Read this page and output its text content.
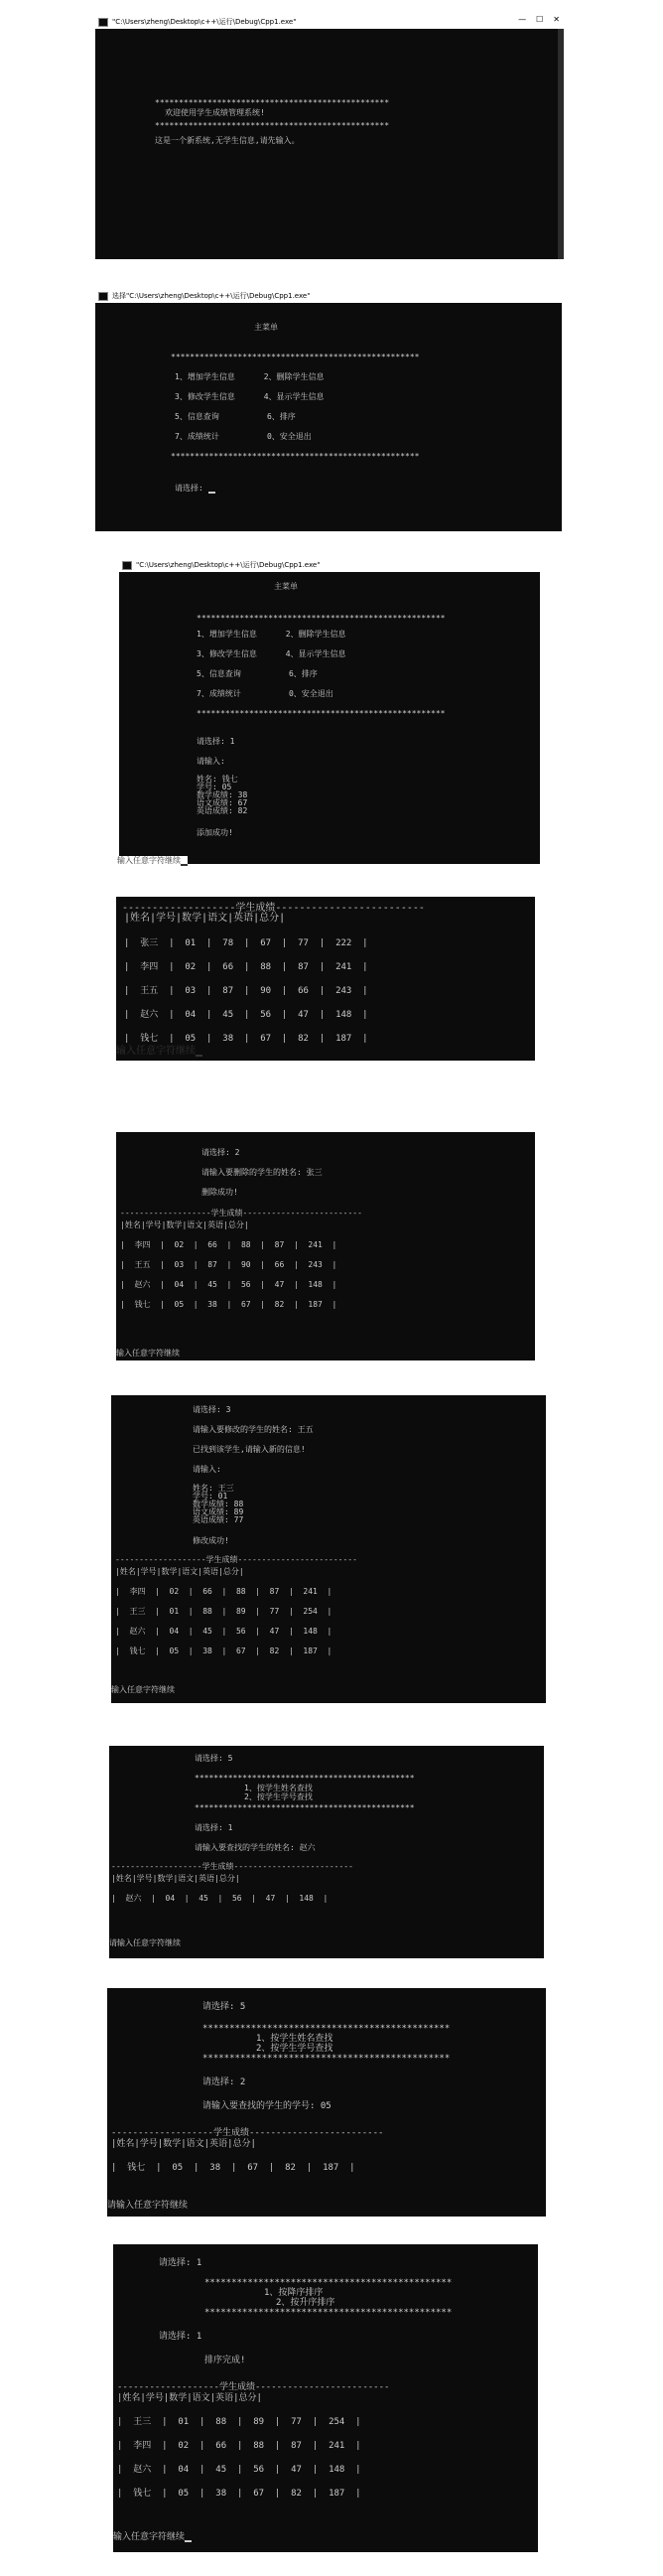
"C:\Users\zheng\Desktop\c++\运行\Debug\Cpp1.exe"	— ☐ ✕
*************************************************
欢迎使用学生成绩管理系统!
*************************************************
这是一个新系统,无学生信息,请先输入。
选择"C:\Users\zheng\Desktop\c++\运行\Debug\Cpp1.exe"
主菜单
****************************************************
1、增加学生信息      2、删除学生信息
3、修改学生信息      4、显示学生信息
5、信息查询          6、排序
7、成绩统计          0、安全退出
****************************************************
请选择:
"C:\Users\zheng\Desktop\c++\运行\Debug\Cpp1.exe"
主菜单
****************************************************
1、增加学生信息      2、删除学生信息
3、修改学生信息      4、显示学生信息
5、信息查询          6、排序
7、成绩统计          0、安全退出
****************************************************
请选择: 1
请输入:
姓名: 钱七
学号: 05
数学成绩: 38
语文成绩: 67
英语成绩: 82
添加成功!
输入任意字符继续
-------------------学生成绩-------------------------
|姓名|学号|数学|语文|英语|总分|
|  张三  |  01  |  78  |  67  |  77  |  222  |
|  李四  |  02  |  66  |  88  |  87  |  241  |
|  王五  |  03  |  87  |  90  |  66  |  243  |
|  赵六  |  04  |  45  |  56  |  47  |  148  |
|  钱七  |  05  |  38  |  67  |  82  |  187  |
输入任意字符继续
请选择: 2
请输入要删除的学生的姓名: 张三
删除成功!
-------------------学生成绩-------------------------
|姓名|学号|数学|语文|英语|总分|
|  李四  |  02  |  66  |  88  |  87  |  241  |
|  王五  |  03  |  87  |  90  |  66  |  243  |
|  赵六  |  04  |  45  |  56  |  47  |  148  |
|  钱七  |  05  |  38  |  67  |  82  |  187  |
输入任意字符继续
请选择: 3
请输入要修改的学生的姓名: 王五
已找到该学生,请输入新的信息!
请输入:
姓名: 王三
学号: 01
数学成绩: 88
语文成绩: 89
英语成绩: 77
修改成功!
-------------------学生成绩-------------------------
|姓名|学号|数学|语文|英语|总分|
|  李四  |  02  |  66  |  88  |  87  |  241  |
|  王三  |  01  |  88  |  89  |  77  |  254  |
|  赵六  |  04  |  45  |  56  |  47  |  148  |
|  钱七  |  05  |  38  |  67  |  82  |  187  |
输入任意字符继续
请选择: 5
**********************************************
1、按学生姓名查找
2、按学生学号查找
**********************************************
请选择: 1
请输入要查找的学生的姓名: 赵六
-------------------学生成绩-------------------------
|姓名|学号|数学|语文|英语|总分|
|  赵六  |  04  |  45  |  56  |  47  |  148  |
请输入任意字符继续
请选择: 5
**********************************************
1、按学生姓名查找
2、按学生学号查找
**********************************************
请选择: 2
请输入要查找的学生的学号: 05
-------------------学生成绩-------------------------
|姓名|学号|数学|语文|英语|总分|
|  钱七  |  05  |  38  |  67  |  82  |  187  |
请输入任意字符继续
请选择: 1
**********************************************
1、按降序排序
2、按升序排序
**********************************************
请选择: 1
排序完成!
-------------------学生成绩-------------------------
|姓名|学号|数学|语文|英语|总分|
|  王三  |  01  |  88  |  89  |  77  |  254  |
|  李四  |  02  |  66  |  88  |  87  |  241  |
|  赵六  |  04  |  45  |  56  |  47  |  148  |
|  钱七  |  05  |  38  |  67  |  82  |  187  |
输入任意字符继续
